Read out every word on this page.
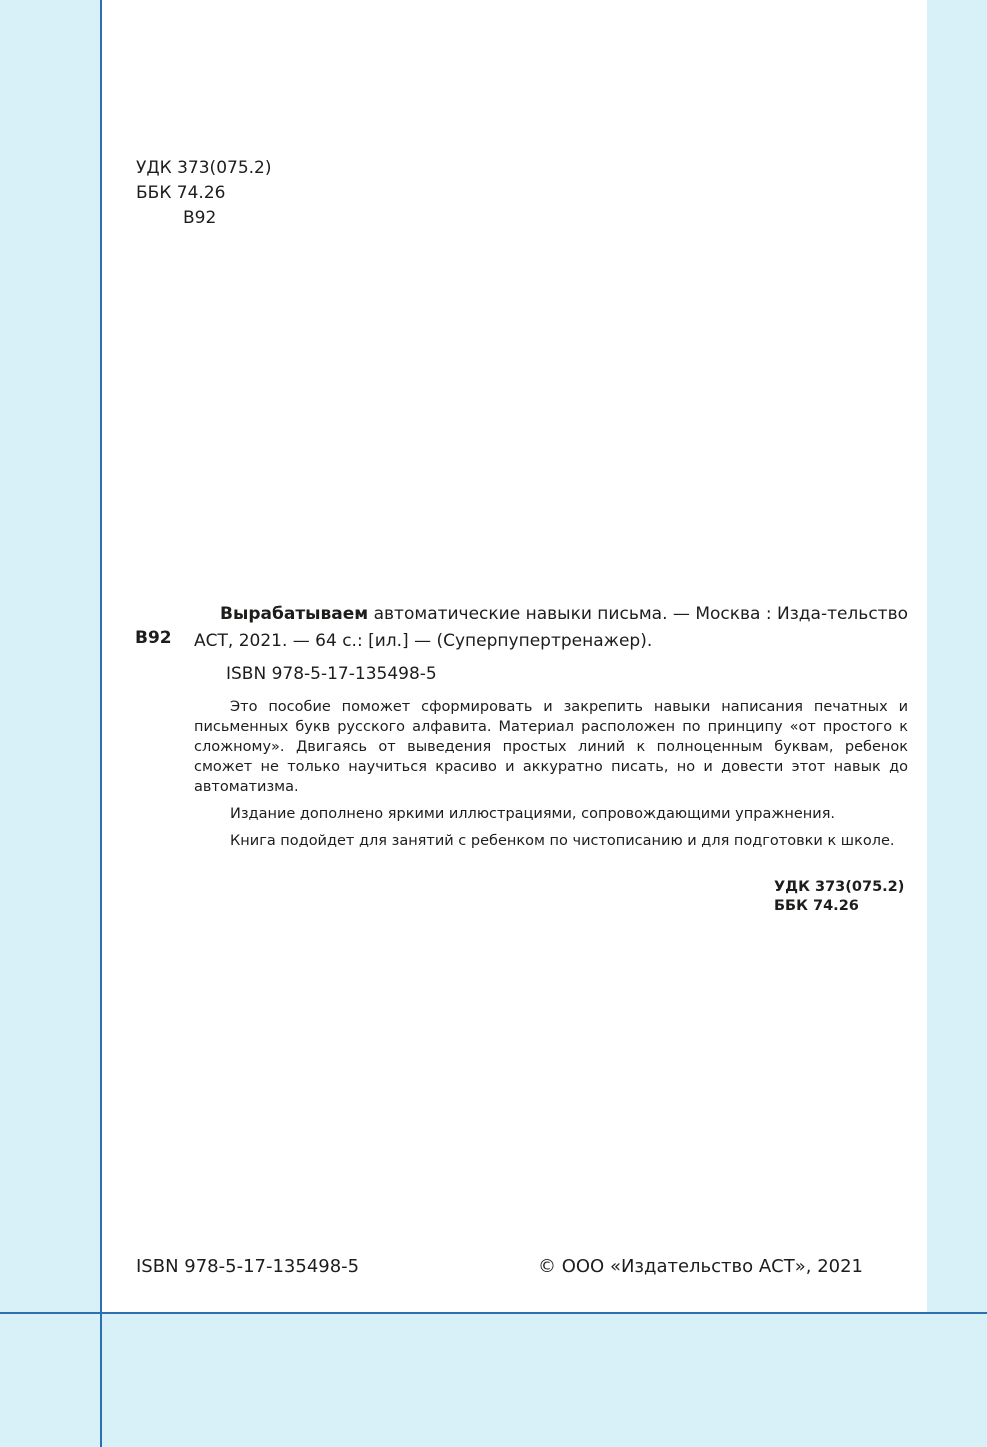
УДК 373(075.2)
ББК 74.26
В92
В92
Вырабатываем автоматические навыки письма. — Москва : Изда-тельство АСТ, 2021. — 64 с.: [ил.] — (Суперпупертренажер).
ISBN 978-5-17-135498-5

Это пособие поможет сформировать и закрепить навыки написания печатных и письменных букв русского алфавита. Материал расположен по принципу «от простого к сложному». Двигаясь от выведения простых линий к полноценным буквам, ребенок сможет не только научиться красиво и аккуратно писать, но и довести этот навык до автоматизма.

Издание дополнено яркими иллюстрациями, сопровождающими упражнения.

Книга подойдет для занятий с ребенком по чистописанию и для подготовки к школе.

УДК 373(075.2)
ББК 74.26
ISBN 978-5-17-135498-5	© ООО «Издательство АСТ», 2021
